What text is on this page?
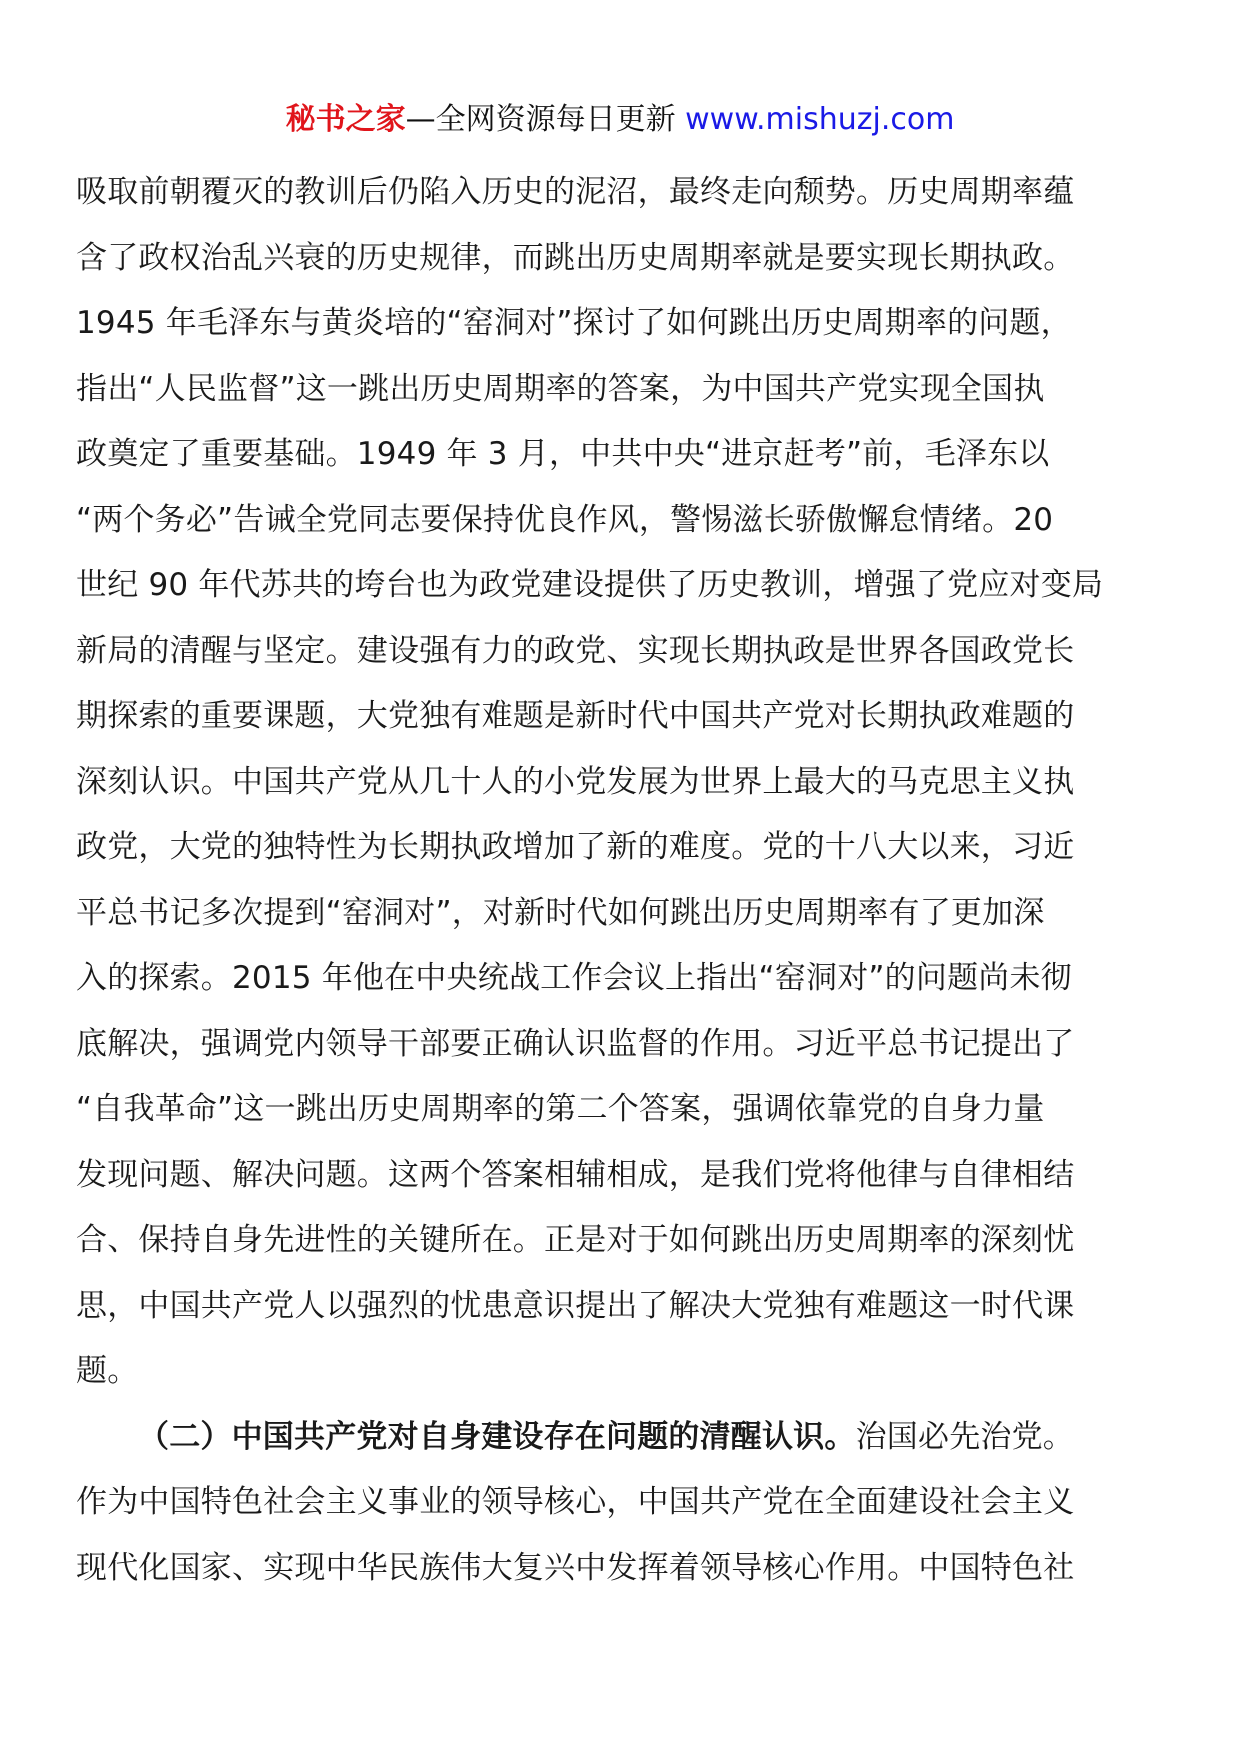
秘书之家—全网资源每日更新 www.mishuzj.com
吸取前朝覆灭的教训后仍陷入历史的泥沼，最终走向颓势。历史周期率蕴
含了政权治乱兴衰的历史规律，而跳出历史周期率就是要实现长期执政。
1945 年毛泽东与黄炎培的“窑洞对”探讨了如何跳出历史周期率的问题，
指出“人民监督”这一跳出历史周期率的答案，为中国共产党实现全国执
政奠定了重要基础。1949 年 3 月，中共中央“进京赶考”前，毛泽东以
“两个务必”告诫全党同志要保持优良作风，警惕滋长骄傲懈怠情绪。20
世纪 90 年代苏共的垮台也为政党建设提供了历史教训，增强了党应对变局
新局的清醒与坚定。建设强有力的政党、实现长期执政是世界各国政党长
期探索的重要课题，大党独有难题是新时代中国共产党对长期执政难题的
深刻认识。中国共产党从几十人的小党发展为世界上最大的马克思主义执
政党，大党的独特性为长期执政增加了新的难度。党的十八大以来，习近
平总书记多次提到“窑洞对”，对新时代如何跳出历史周期率有了更加深
入的探索。2015 年他在中央统战工作会议上指出“窑洞对”的问题尚未彻
底解决，强调党内领导干部要正确认识监督的作用。习近平总书记提出了
“自我革命”这一跳出历史周期率的第二个答案，强调依靠党的自身力量
发现问题、解决问题。这两个答案相辅相成，是我们党将他律与自律相结
合、保持自身先进性的关键所在。正是对于如何跳出历史周期率的深刻忧
思，中国共产党人以强烈的忧患意识提出了解决大党独有难题这一时代课
题。
（二）中国共产党对自身建设存在问题的清醒认识。治国必先治党。
作为中国特色社会主义事业的领导核心，中国共产党在全面建设社会主义
现代化国家、实现中华民族伟大复兴中发挥着领导核心作用。中国特色社
